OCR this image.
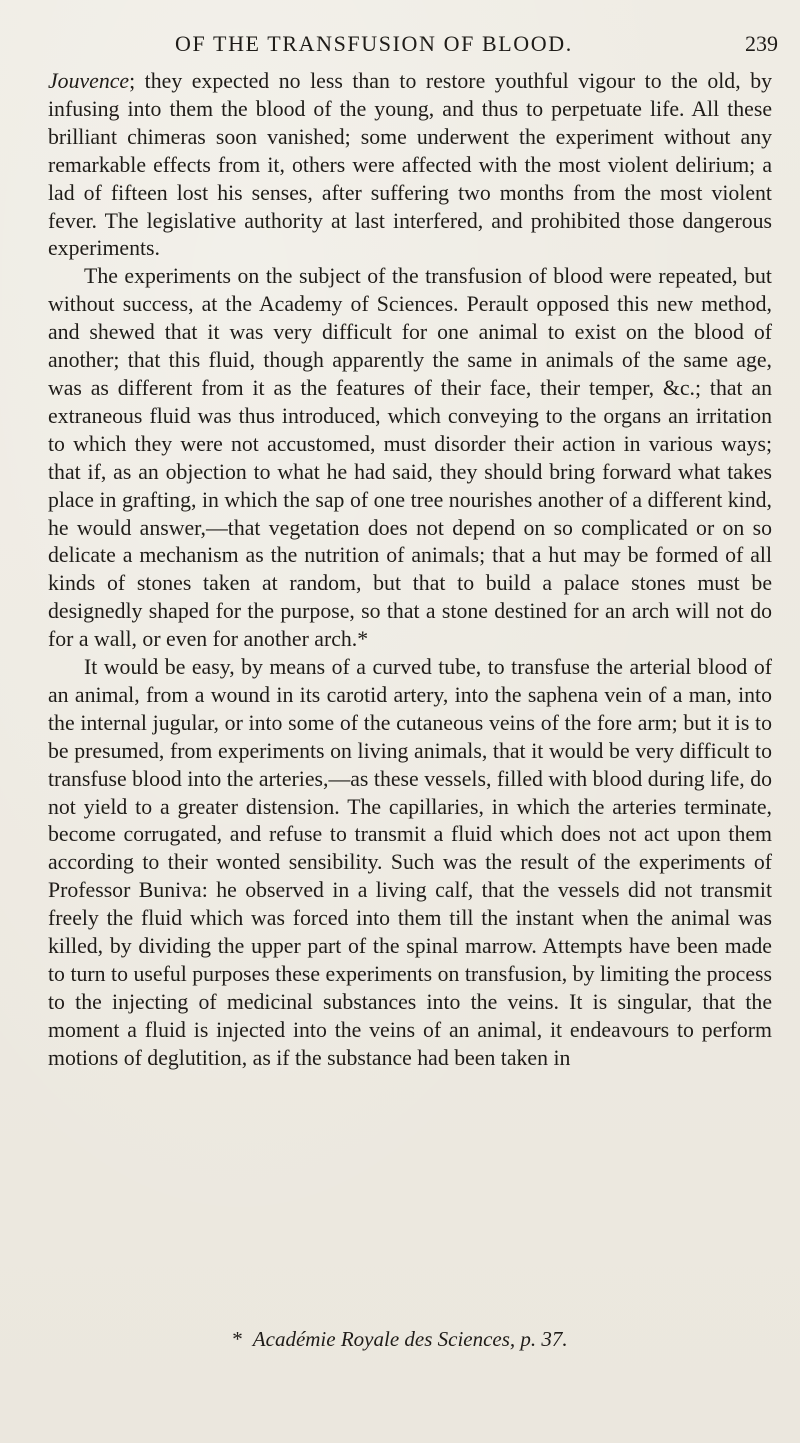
OF THE TRANSFUSION OF BLOOD.	239

Jouvence; they expected no less than to restore youthful vigour to the old, by infusing into them the blood of the young, and thus to perpetuate life. All these brilliant chimeras soon vanished; some underwent the experiment without any remarkable effects from it, others were affected with the most violent delirium; a lad of fifteen lost his senses, after suffering two months from the most violent fever. The legislative authority at last interfered, and prohibited those dangerous experiments.

The experiments on the subject of the transfusion of blood were repeated, but without success, at the Academy of Sciences. Perault opposed this new method, and shewed that it was very difficult for one animal to exist on the blood of another; that this fluid, though apparently the same in animals of the same age, was as different from it as the features of their face, their temper, &c.; that an extraneous fluid was thus introduced, which conveying to the organs an irritation to which they were not accustomed, must disorder their action in various ways; that if, as an objection to what he had said, they should bring forward what takes place in grafting, in which the sap of one tree nourishes another of a different kind, he would answer,—that vegetation does not depend on so complicated or on so delicate a mechanism as the nutrition of animals; that a hut may be formed of all kinds of stones taken at random, but that to build a palace stones must be designedly shaped for the purpose, so that a stone destined for an arch will not do for a wall, or even for another arch.*

It would be easy, by means of a curved tube, to transfuse the arterial blood of an animal, from a wound in its carotid artery, into the saphena vein of a man, into the internal jugular, or into some of the cutaneous veins of the fore arm; but it is to be presumed, from experiments on living animals, that it would be very difficult to transfuse blood into the arteries,—as these vessels, filled with blood during life, do not yield to a greater distension. The capillaries, in which the arteries terminate, become corrugated, and refuse to transmit a fluid which does not act upon them according to their wonted sensibility. Such was the result of the experiments of Professor Buniva: he observed in a living calf, that the vessels did not transmit freely the fluid which was forced into them till the instant when the animal was killed, by dividing the upper part of the spinal marrow. Attempts have been made to turn to useful purposes these experiments on transfusion, by limiting the process to the injecting of medicinal substances into the veins. It is singular, that the moment a fluid is injected into the veins of an animal, it endeavours to perform motions of deglutition, as if the substance had been taken in

* Académie Royale des Sciences, p. 37.
